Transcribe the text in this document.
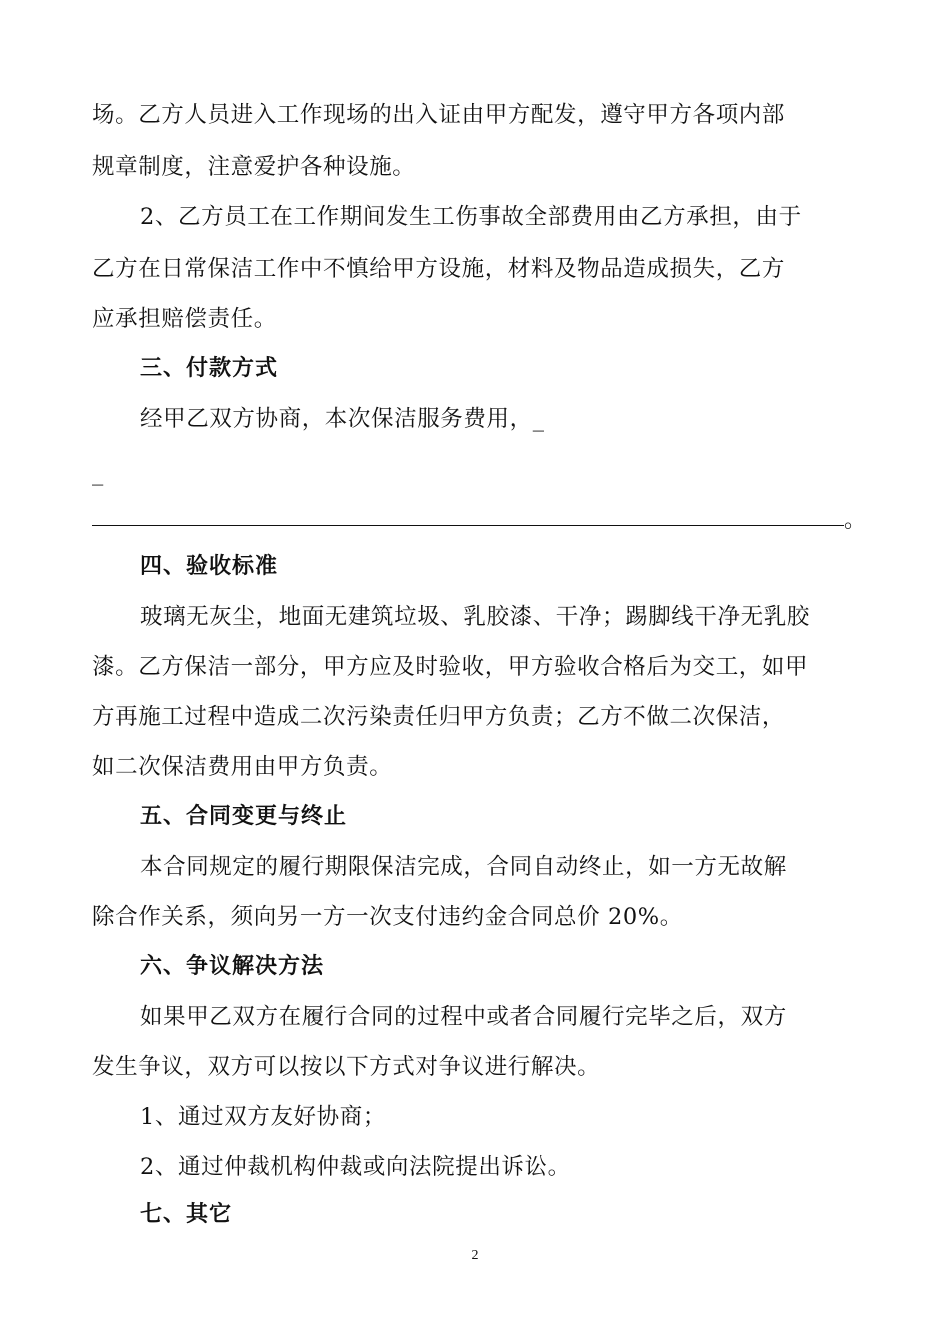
场。乙方人员进入工作现场的出入证由甲方配发，遵守甲方各项内部
规章制度，注意爱护各种设施。
2、乙方员工在工作期间发生工伤事故全部费用由乙方承担，由于
乙方在日常保洁工作中不慎给甲方设施，材料及物品造成损失，乙方
应承担赔偿责任。
三、付款方式
经甲乙双方协商，本次保洁服务费用，_
_
。
四、验收标准
玻璃无灰尘，地面无建筑垃圾、乳胶漆、干净；踢脚线干净无乳胶
漆。乙方保洁一部分，甲方应及时验收，甲方验收合格后为交工，如甲
方再施工过程中造成二次污染责任归甲方负责；乙方不做二次保洁，
如二次保洁费用由甲方负责。
五、合同变更与终止
本合同规定的履行期限保洁完成，合同自动终止，如一方无故解
除合作关系，须向另一方一次支付违约金合同总价 20%。
六、争议解决方法
如果甲乙双方在履行合同的过程中或者合同履行完毕之后，双方
发生争议，双方可以按以下方式对争议进行解决。
1、通过双方友好协商；
2、通过仲裁机构仲裁或向法院提出诉讼。
七、其它
2
